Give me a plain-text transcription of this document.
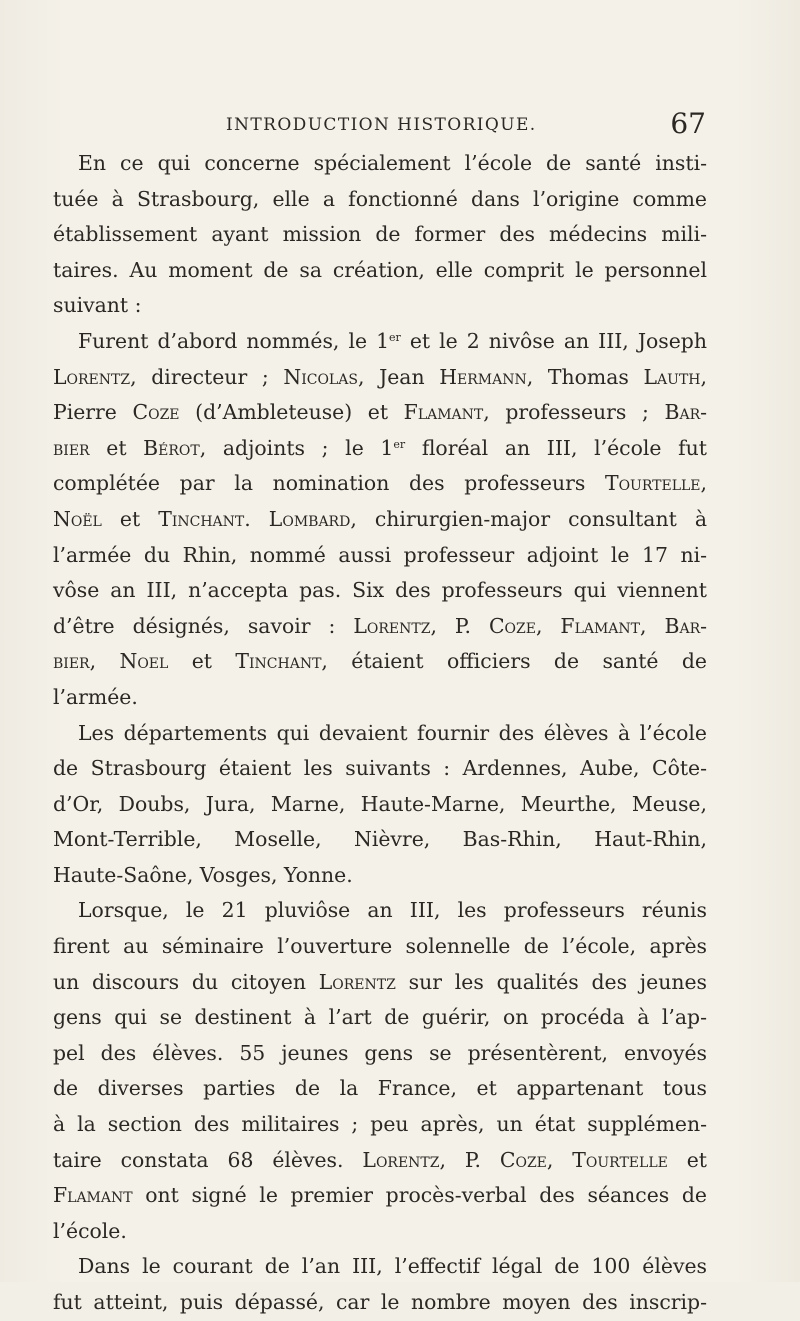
INTRODUCTION HISTORIQUE.	67
En ce qui concerne spécialement l’école de santé insti-
tuée à Strasbourg, elle a fonctionné dans l’origine comme
établissement ayant mission de former des médecins mili-
taires. Au moment de sa création, elle comprit le personnel
suivant :
Furent d’abord nommés, le 1er et le 2 nivôse an III, Joseph
Lorentz, directeur ; Nicolas, Jean Hermann, Thomas Lauth,
Pierre Coze (d’Ambleteuse) et Flamant, professeurs ; Bar-
bier et Bérot, adjoints ; le 1er floréal an III, l’école fut
complétée par la nomination des professeurs Tourtelle,
Noël et Tinchant. Lombard, chirurgien-major consultant à
l’armée du Rhin, nommé aussi professeur adjoint le 17 ni-
vôse an III, n’accepta pas. Six des professeurs qui viennent
d’être désignés, savoir : Lorentz, P. Coze, Flamant, Bar-
bier, Noel et Tinchant, étaient officiers de santé de
l’armée.
Les départements qui devaient fournir des élèves à l’école
de Strasbourg étaient les suivants : Ardennes, Aube, Côte-
d’Or, Doubs, Jura, Marne, Haute-Marne, Meurthe, Meuse,
Mont-Terrible, Moselle, Nièvre, Bas-Rhin, Haut-Rhin,
Haute-Saône, Vosges, Yonne.
Lorsque, le 21 pluviôse an III, les professeurs réunis
firent au séminaire l’ouverture solennelle de l’école, après
un discours du citoyen Lorentz sur les qualités des jeunes
gens qui se destinent à l’art de guérir, on procéda à l’ap-
pel des élèves. 55 jeunes gens se présentèrent, envoyés
de diverses parties de la France, et appartenant tous
à la section des militaires ; peu après, un état supplémen-
taire constata 68 élèves. Lorentz, P. Coze, Tourtelle et
Flamant ont signé le premier procès-verbal des séances de
l’école.
Dans le courant de l’an III, l’effectif légal de 100 élèves
fut atteint, puis dépassé, car le nombre moyen des inscrip-
